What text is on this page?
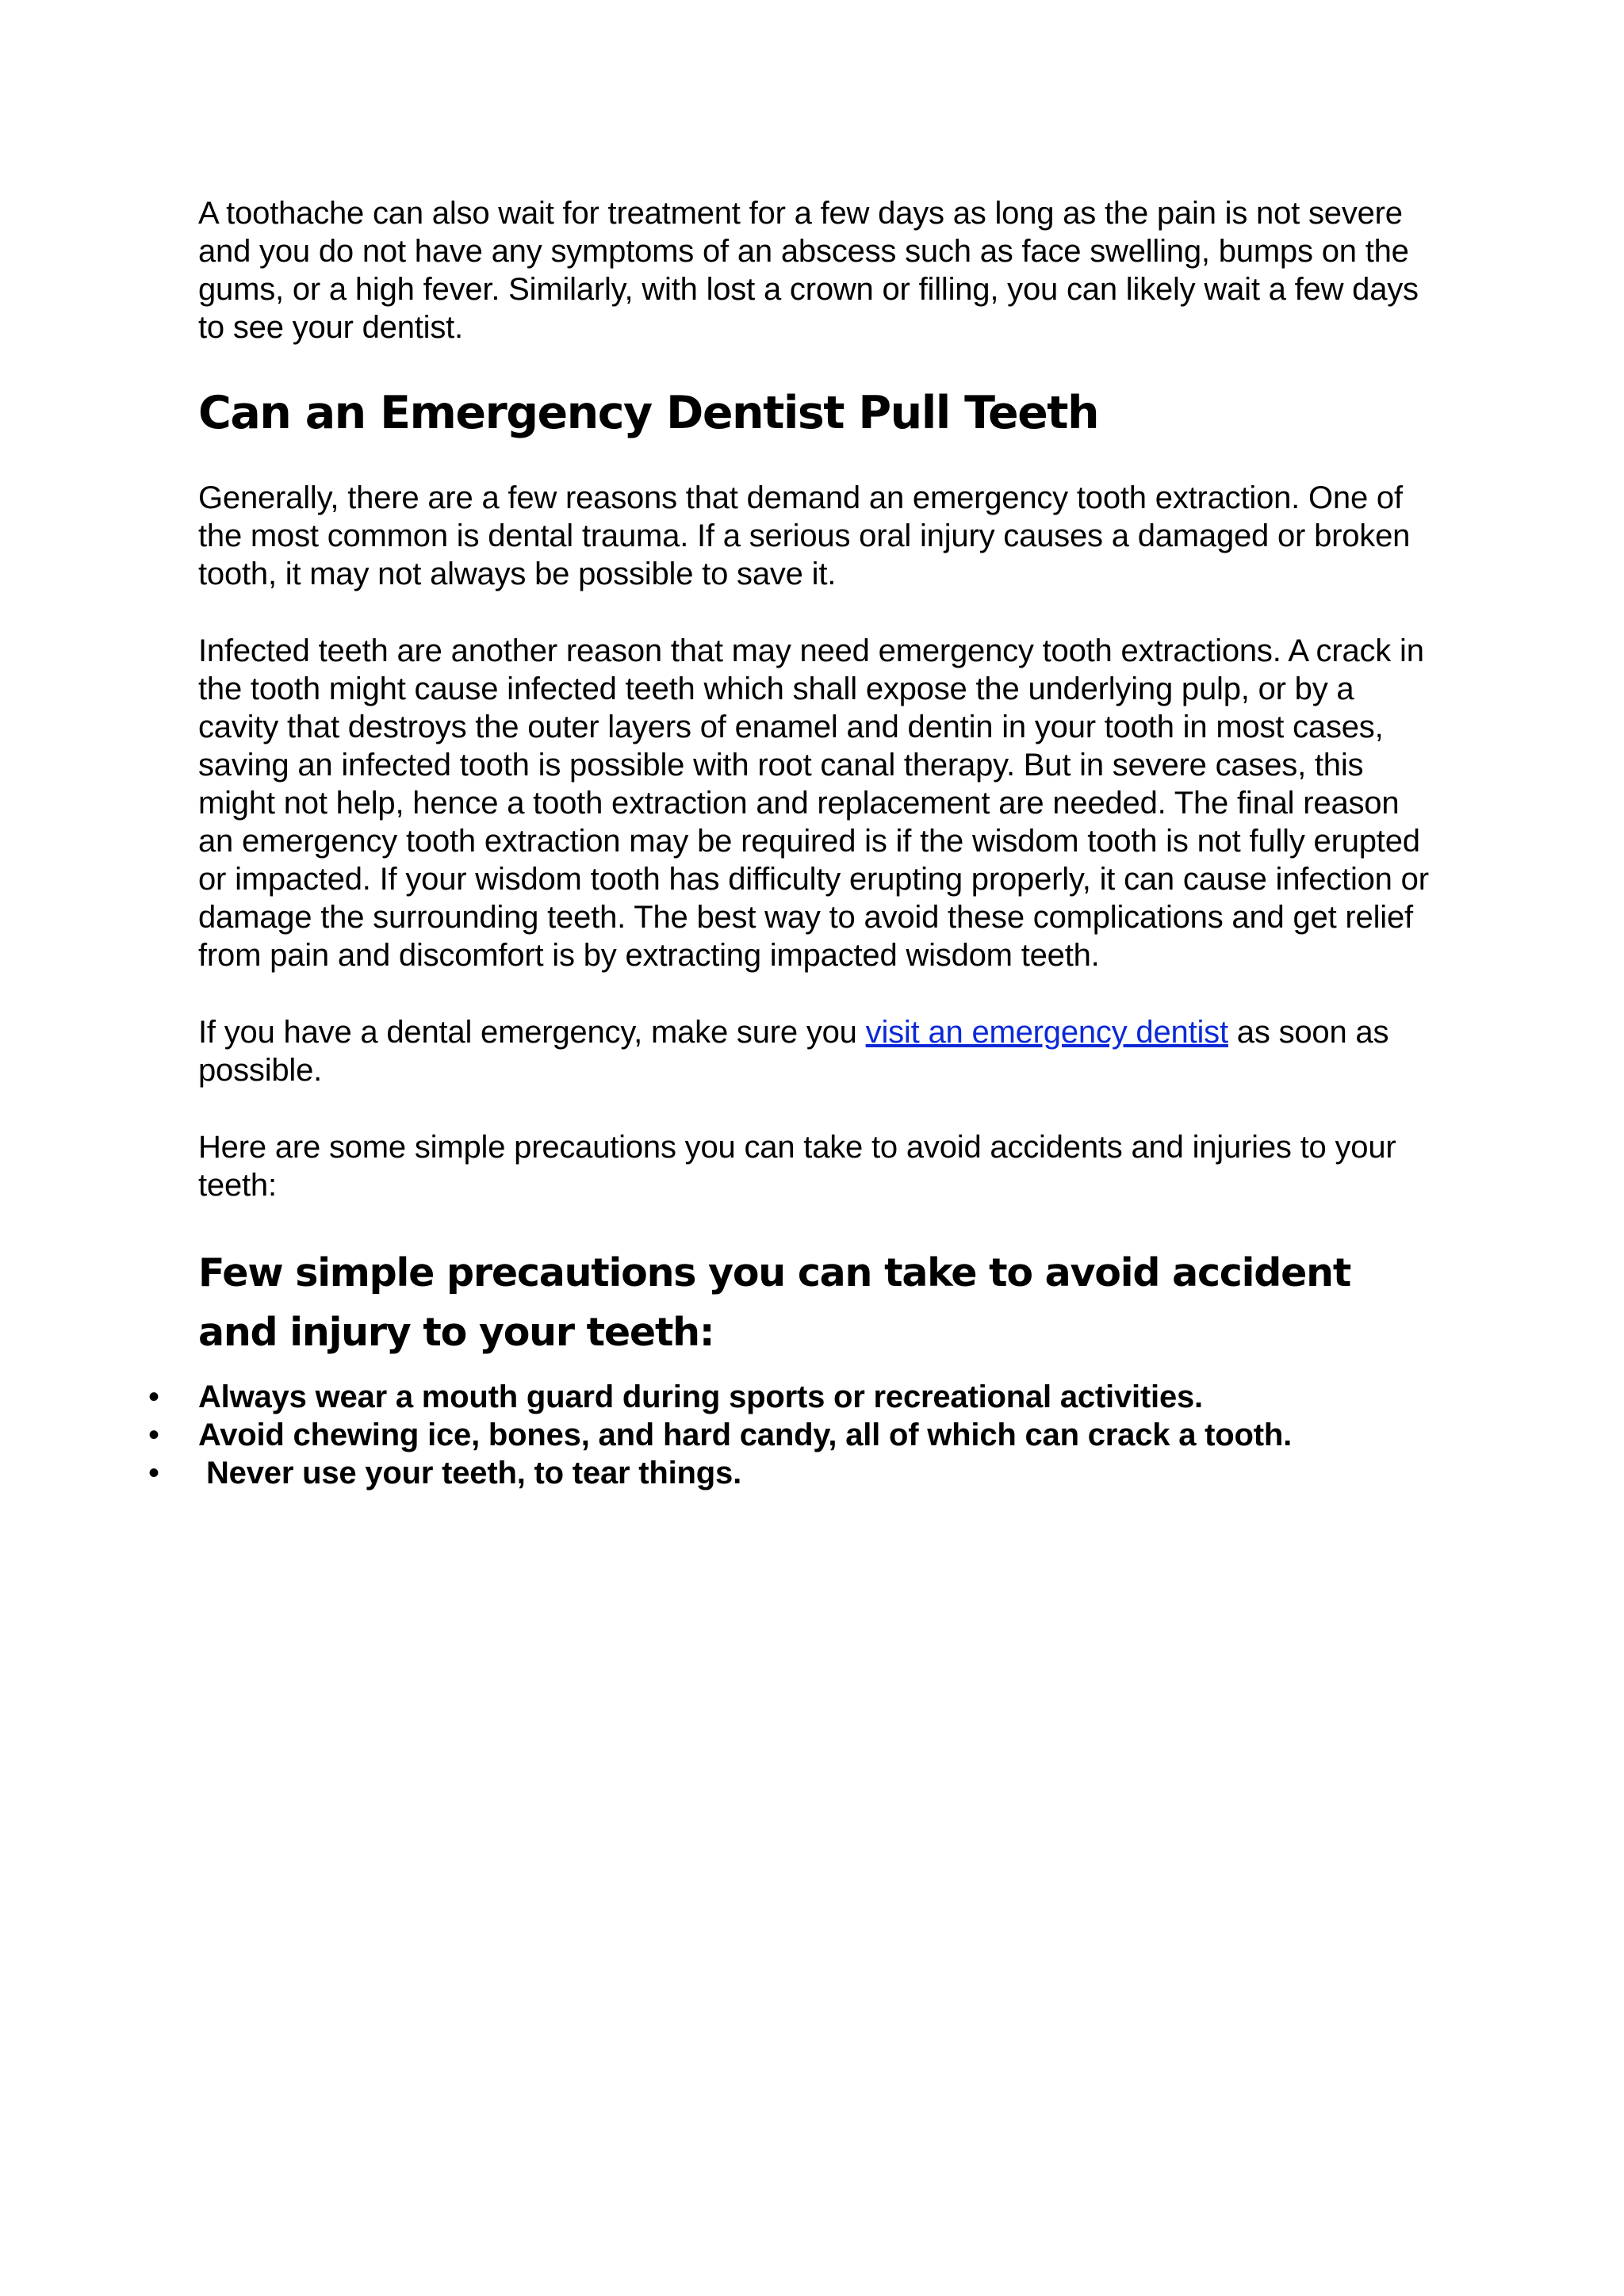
A toothache can also wait for treatment for a few days as long as the pain is not severe and you do not have any symptoms of an abscess such as face swelling, bumps on the gums, or a high fever. Similarly, with lost a crown or filling, you can likely wait a few days to see your dentist.

Can an Emergency Dentist Pull Teeth

Generally, there are a few reasons that demand an emergency tooth extraction. One of the most common is dental trauma. If a serious oral injury causes a damaged or broken tooth, it may not always be possible to save it.

Infected teeth are another reason that may need emergency tooth extractions. A crack in the tooth might cause infected teeth which shall expose the underlying pulp, or by a cavity that destroys the outer layers of enamel and dentin in your tooth in most cases, saving an infected tooth is possible with root canal therapy. But in severe cases, this might not help, hence a tooth extraction and replacement are needed. The final reason an emergency tooth extraction may be required is if the wisdom tooth is not fully erupted or impacted. If your wisdom tooth has difficulty erupting properly, it can cause infection or damage the surrounding teeth. The best way to avoid these complications and get relief from pain and discomfort is by extracting impacted wisdom teeth.

If you have a dental emergency, make sure you visit an emergency dentist as soon as possible.

Here are some simple precautions you can take to avoid accidents and injuries to your teeth:

Few simple precautions you can take to avoid accident and injury to your teeth:
• Always wear a mouth guard during sports or recreational activities.
• Avoid chewing ice, bones, and hard candy, all of which can crack a tooth.
• Never use your teeth, to tear things.
